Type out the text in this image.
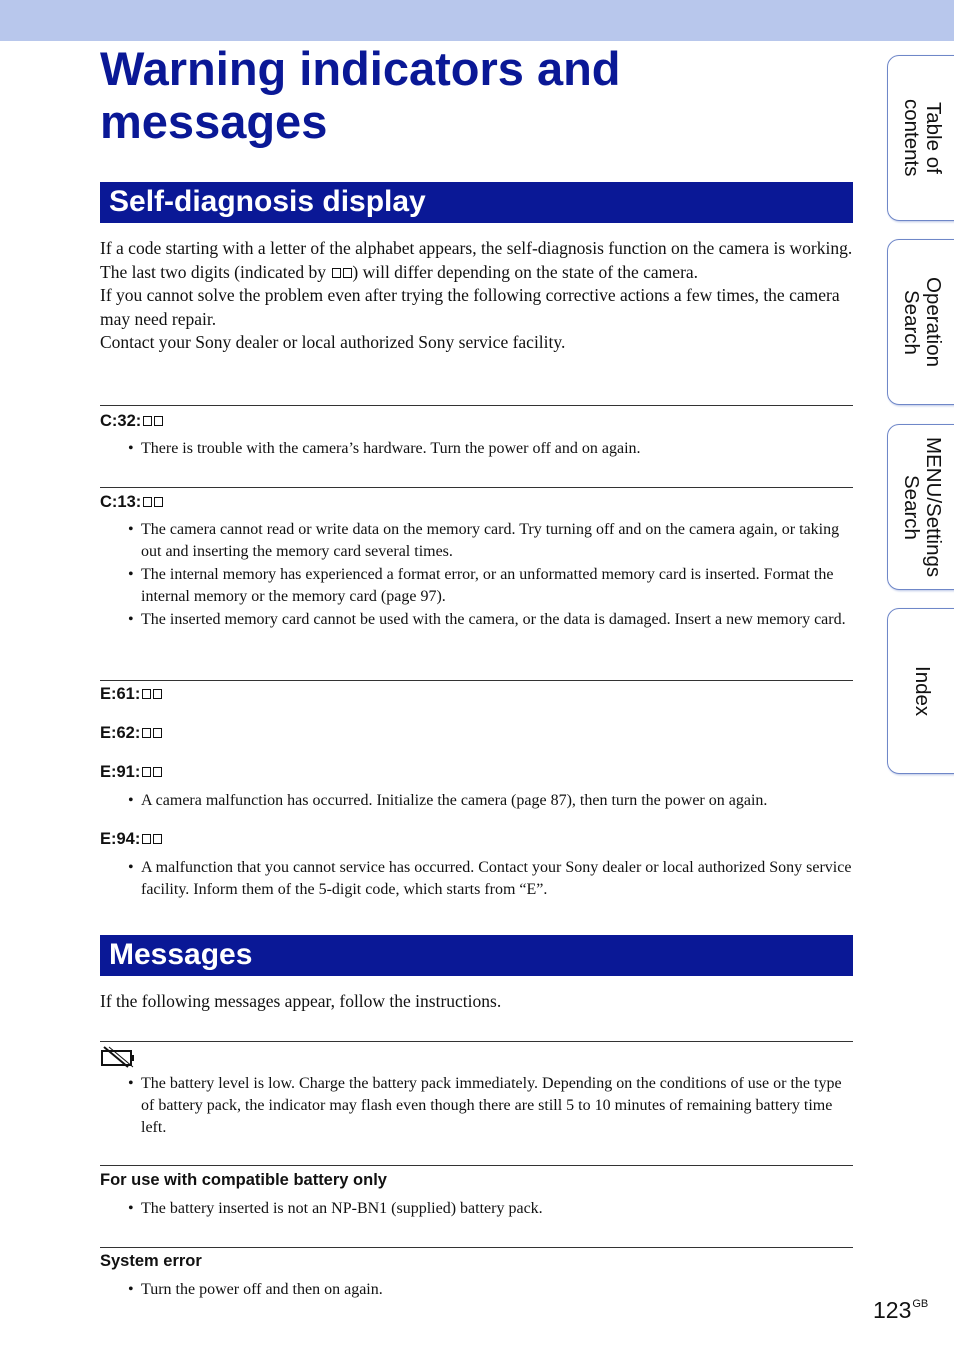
Warning indicators and messages
Self-diagnosis display

If a code starting with a letter of the alphabet appears, the self-diagnosis function on the camera is working. The last two digits (indicated by ) will differ depending on the state of the camera.

If you cannot solve the problem even after trying the following corrective actions a few times, the camera may need repair.

Contact your Sony dealer or local authorized Sony service facility.

C:32:
• There is trouble with the camera’s hardware. Turn the power off and on again.
C:13:
• The camera cannot read or write data on the memory card. Try turning off and on the camera again, or taking out and inserting the memory card several times.
• The internal memory has experienced a format error, or an unformatted memory card is inserted. Format the internal memory or the memory card (page 97).
• The inserted memory card cannot be used with the camera, or the data is damaged. Insert a new memory card.
E:61:
E:62:
E:91:
• A camera malfunction has occurred. Initialize the camera (page 87), then turn the power on again.
E:94:
• A malfunction that you cannot service has occurred. Contact your Sony dealer or local authorized Sony service facility. Inform them of the 5-digit code, which starts from “E”.
Messages
If the following messages appear, follow the instructions.
• The battery level is low. Charge the battery pack immediately. Depending on the conditions of use or the type of battery pack, the indicator may flash even though there are still 5 to 10 minutes of remaining battery time left.
For use with compatible battery only
• The battery inserted is not an NP-BN1 (supplied) battery pack.
System error
• Turn the power off and then on again.
Table of
contents
Operation
Search
MENU/Settings
Search
Index
$123^{GB}$
